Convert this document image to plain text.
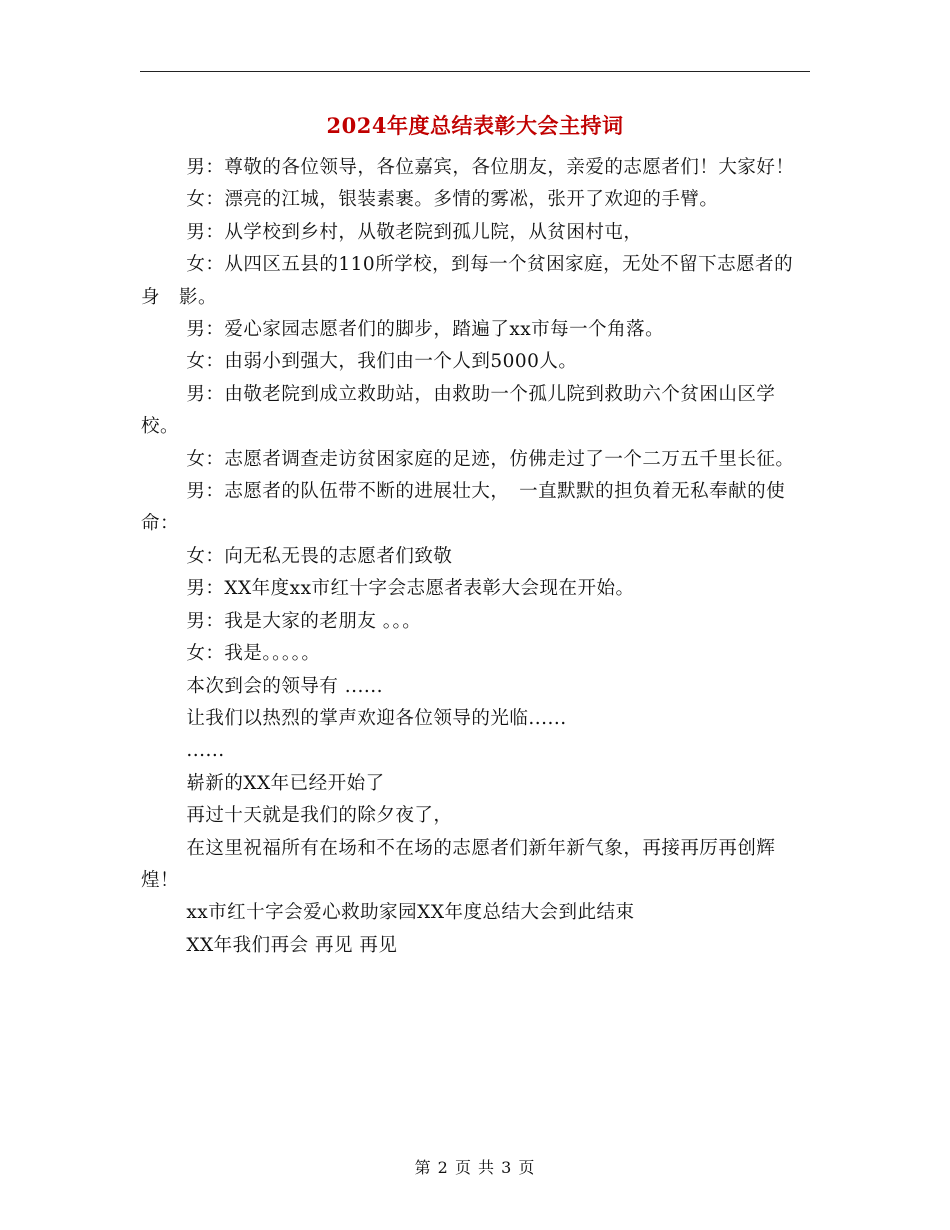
2024年度总结表彰大会主持词

男：尊敬的各位领导，各位嘉宾，各位朋友，亲爱的志愿者们！大家好！

女：漂亮的江城，银装素裹。多情的雾凇，张开了欢迎的手臂。

男：从学校到乡村，从敬老院到孤儿院，从贫困村屯，

女：从四区五县的110所学校，到每一个贫困家庭，无处不留下志愿者的身　影。

男：爱心家园志愿者们的脚步，踏遍了xx市每一个角落。

女：由弱小到强大，我们由一个人到5000人。

男：由敬老院到成立救助站，由救助一个孤儿院到救助六个贫困山区学校。

女：志愿者调查走访贫困家庭的足迹，仿佛走过了一个二万五千里长征。

男：志愿者的队伍带不断的进展壮大，　一直默默的担负着无私奉献的使命：

女：向无私无畏的志愿者们致敬

男：XX年度xx市红十字会志愿者表彰大会现在开始。

男：我是大家的老朋友 。。。

女：我是。。。。。

本次到会的领导有 ......

让我们以热烈的掌声欢迎各位领导的光临......

......

崭新的XX年已经开始了

再过十天就是我们的除夕夜了，

在这里祝福所有在场和不在场的志愿者们新年新气象，再接再厉再创辉煌！

xx市红十字会爱心救助家园XX年度总结大会到此结束

XX年我们再会 再见 再见

第 2 页 共 3 页
